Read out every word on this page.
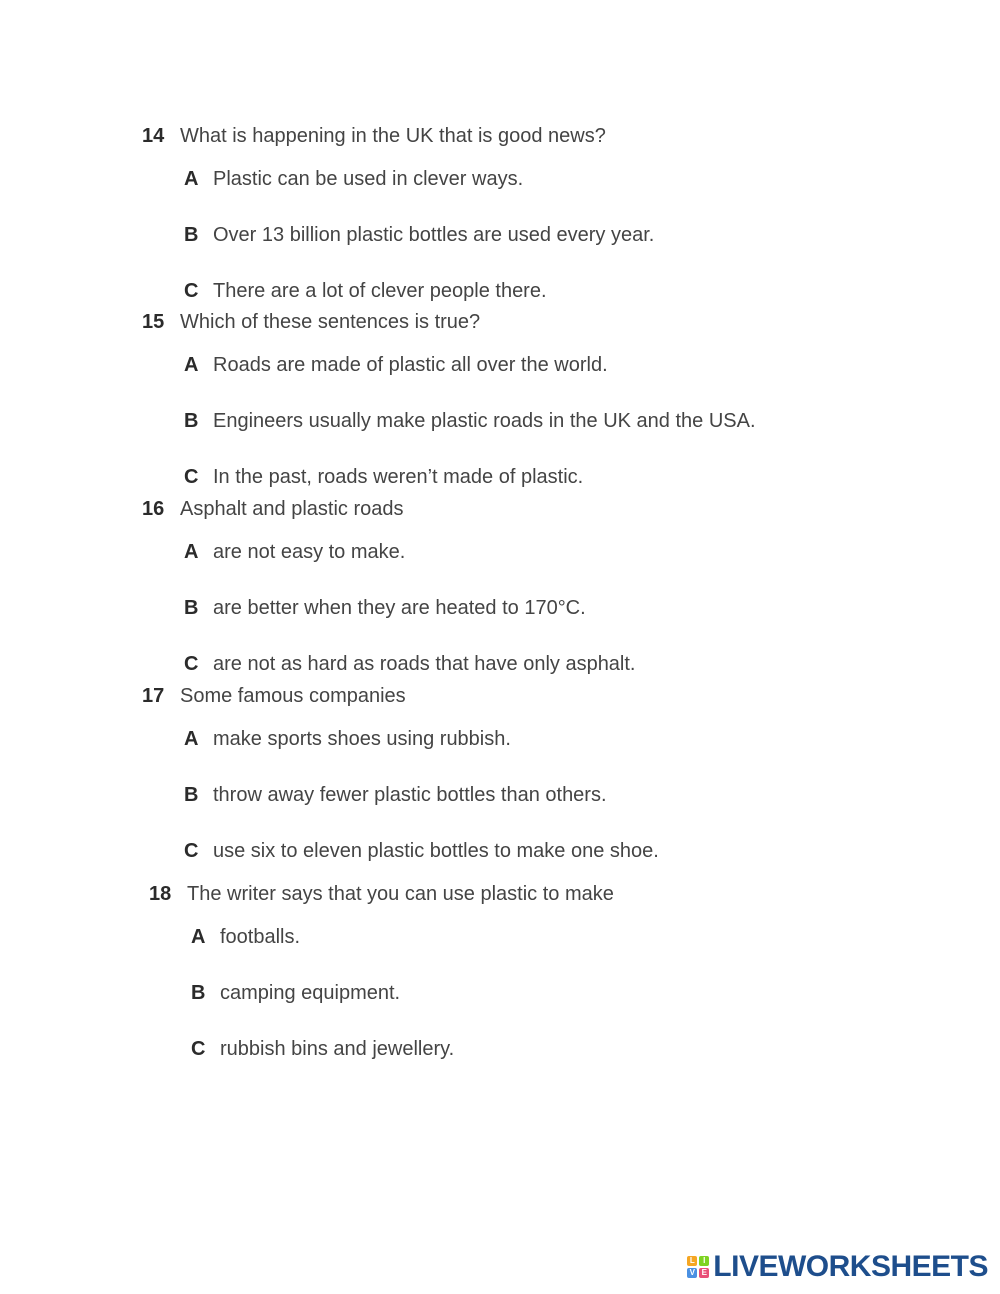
14 What is happening in the UK that is good news?
A Plastic can be used in clever ways.
B Over 13 billion plastic bottles are used every year.
C There are a lot of clever people there.
15 Which of these sentences is true?
A Roads are made of plastic all over the world.
B Engineers usually make plastic roads in the UK and the USA.
C In the past, roads weren’t made of plastic.
16 Asphalt and plastic roads
A are not easy to make.
B are better when they are heated to 170°C.
C are not as hard as roads that have only asphalt.
17 Some famous companies
A make sports shoes using rubbish.
B throw away fewer plastic bottles than others.
C use six to eleven plastic bottles to make one shoe.
18 The writer says that you can use plastic to make
A footballs.
B camping equipment.
C rubbish bins and jewellery.
L	I
V E LIVEWORKSHEETS
